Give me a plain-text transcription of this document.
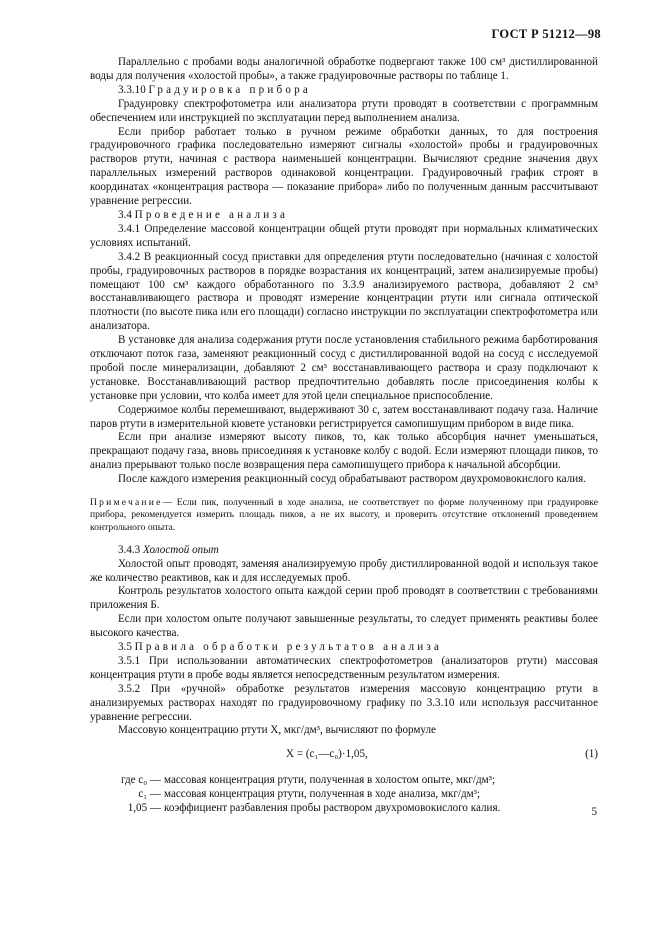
ГОСТ Р 51212—98

Параллельно с пробами воды аналогичной обработке подвергают также 100 см³ дистиллированной воды для получения «холостой пробы», а также градуировочные растворы по таблице 1.

3.3.10 Градуировка прибора

Градуировку спектрофотометра или анализатора ртути проводят в соответствии с программным обеспечением или инструкцией по эксплуатации перед выполнением анализа.

Если прибор работает только в ручном режиме обработки данных, то для построения градуировочного графика последовательно измеряют сигналы «холостой» пробы и градуировочных растворов ртути, начиная с раствора наименьшей концентрации. Вычисляют средние значения двух параллельных измерений растворов одинаковой концентрации. Градуировочный график строят в координатах «концентрация раствора — показание прибора» либо по полученным данным рассчитывают уравнение регрессии.

3.4 Проведение анализа

3.4.1 Определение массовой концентрации общей ртути проводят при нормальных климатических условиях испытаний.

3.4.2 В реакционный сосуд приставки для определения ртути последовательно (начиная с холостой пробы, градуировочных растворов в порядке возрастания их концентраций, затем анализируемые пробы) помещают 100 см³ каждого обработанного по 3.3.9 анализируемого раствора, добавляют 2 см³ восстанавливающего раствора и проводят измерение концентрации ртути или сигнала оптической плотности (по высоте пика или его площади) согласно инструкции по эксплуатации спектрофотометра или анализатора.

В установке для анализа содержания ртути после установления стабильного режима барботирования отключают поток газа, заменяют реакционный сосуд с дистиллированной водой на сосуд с исследуемой пробой после минерализации, добавляют 2 см³ восстанавливающего раствора и сразу подключают к установке. Восстанавливающий раствор предпочтительно добавлять после присоединения колбы к установке при условии, что колба имеет для этой цели специальное приспособление.

Содержимое колбы перемешивают, выдерживают 30 с, затем восстанавливают подачу газа. Наличие паров ртути в измерительной кювете установки регистрируется самопишущим прибором в виде пика.

Если при анализе измеряют высоту пиков, то, как только абсорбция начнет уменьшаться, прекращают подачу газа, вновь присоединяя к установке колбу с водой. Если измеряют площади пиков, то анализ прерывают только после возвращения пера самопишущего прибора к начальной абсорбции.

После каждого измерения реакционный сосуд обрабатывают раствором двухромовокислого калия.

Примечание— Если пик, полученный в ходе анализа, не соответствует по форме полученному при градуировке прибора, рекомендуется измерить площадь пиков, а не их высоту, и проверить отсутствие отклонений проведением контрольного опыта.

3.4.3 Холостой опыт

Холостой опыт проводят, заменяя анализируемую пробу дистиллированной водой и используя такое же количество реактивов, как и для исследуемых проб.

Контроль результатов холостого опыта каждой серии проб проводят в соответствии с требованиями приложения Б.

Если при холостом опыте получают завышенные результаты, то следует применять реактивы более высокого качества.

3.5 Правила обработки результатов анализа

3.5.1 При использовании автоматических спектрофотометров (анализаторов ртути) массовая концентрация ртути в пробе воды является непосредственным результатом измерения.

3.5.2 При «ручной» обработке результатов измерения массовую концентрацию ртути в анализируемых растворах находят по градуировочному графику по 3.3.10 или используя рассчитанное уравнение регрессии.

Массовую концентрацию ртути X, мкг/дм³, вычисляют по формуле

X = (c₁—c₀)·1,05,	(1)
где c₀ — массовая концентрация ртути, полученная в холостом опыте, мкг/дм³;
c₁ — массовая концентрация ртути, полученная в ходе анализа, мкг/дм³;
1,05 — коэффициент разбавления пробы раствором двухромовокислого калия.	5
